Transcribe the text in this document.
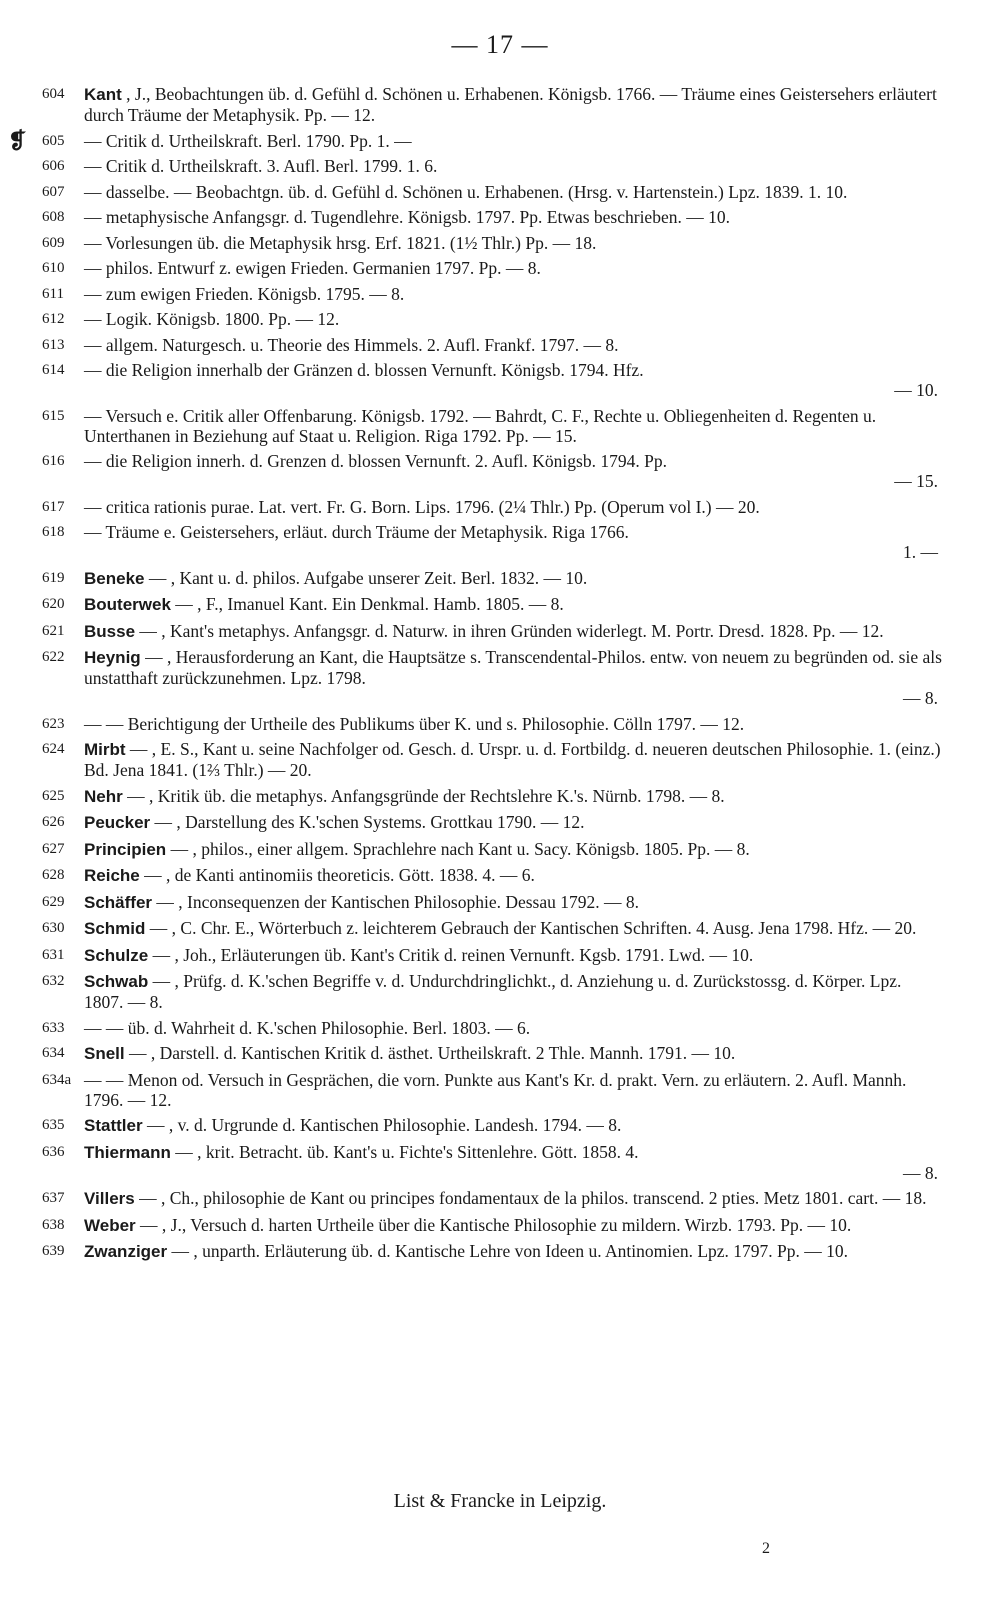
— 17 —
❡
604	Kant , J., Beobachtungen üb. d. Gefühl d. Schönen u. Erhabenen. Königsb. 1766. — Träume eines Geistersehers erläutert durch Träume der Metaphysik. Pp. — 12.
605	— Critik d. Urtheilskraft. Berl. 1790. Pp. 1. —
606	— Critik d. Urtheilskraft. 3. Aufl. Berl. 1799. 1. 6.
607	— dasselbe. — Beobachtgn. üb. d. Gefühl d. Schönen u. Erhabenen. (Hrsg. v. Hartenstein.) Lpz. 1839. 1. 10.
608	— metaphysische Anfangsgr. d. Tugendlehre. Königsb. 1797. Pp. Etwas beschrieben. — 10.
609	— Vorlesungen üb. die Metaphysik hrsg. Erf. 1821. (1½ Thlr.) Pp. — 18.
610	— philos. Entwurf z. ewigen Frieden. Germanien 1797. Pp. — 8.
611	— zum ewigen Frieden. Königsb. 1795. — 8.
612	— Logik. Königsb. 1800. Pp. — 12.
613	— allgem. Naturgesch. u. Theorie des Himmels. 2. Aufl. Frankf. 1797. — 8.
614	— die Religion innerhalb der Gränzen d. blossen Vernunft. Königsb. 1794. Hfz.
— 10.
615	— Versuch e. Critik aller Offenbarung. Königsb. 1792. — Bahrdt, C. F., Rechte u. Obliegenheiten d. Regenten u. Unterthanen in Beziehung auf Staat u. Religion. Riga 1792. Pp. — 15.
616	— die Religion innerh. d. Grenzen d. blossen Vernunft. 2. Aufl. Königsb. 1794. Pp.
— 15.
617	— critica rationis purae. Lat. vert. Fr. G. Born. Lips. 1796. (2¼ Thlr.) Pp. (Operum vol I.) — 20.
618	— Träume e. Geistersehers, erläut. durch Träume der Metaphysik. Riga 1766.
1. —
619	Beneke — , Kant u. d. philos. Aufgabe unserer Zeit. Berl. 1832. — 10.
620	Bouterwek — , F., Imanuel Kant. Ein Denkmal. Hamb. 1805. — 8.
621	Busse — , Kant's metaphys. Anfangsgr. d. Naturw. in ihren Gründen widerlegt. M. Portr. Dresd. 1828. Pp. — 12.
622	Heynig — , Herausforderung an Kant, die Hauptsätze s. Transcendental-Philos. entw. von neuem zu begründen od. sie als unstatthaft zurückzunehmen. Lpz. 1798.
— 8.
623	— — Berichtigung der Urtheile des Publikums über K. und s. Philosophie. Cölln 1797. — 12.
624	Mirbt — , E. S., Kant u. seine Nachfolger od. Gesch. d. Urspr. u. d. Fortbildg. d. neueren deutschen Philosophie. 1. (einz.) Bd. Jena 1841. (1⅔ Thlr.) — 20.
625	Nehr — , Kritik üb. die metaphys. Anfangsgründe der Rechtslehre K.'s. Nürnb. 1798. — 8.
626	Peucker — , Darstellung des K.'schen Systems. Grottkau 1790. — 12.
627	Principien — , philos., einer allgem. Sprachlehre nach Kant u. Sacy. Königsb. 1805. Pp. — 8.
628	Reiche — , de Kanti antinomiis theoreticis. Gött. 1838. 4. — 6.
629	Schäffer — , Inconsequenzen der Kantischen Philosophie. Dessau 1792. — 8.
630	Schmid — , C. Chr. E., Wörterbuch z. leichterem Gebrauch der Kantischen Schriften. 4. Ausg. Jena 1798. Hfz. — 20.
631	Schulze — , Joh., Erläuterungen üb. Kant's Critik d. reinen Vernunft. Kgsb. 1791. Lwd. — 10.
632	Schwab — , Prüfg. d. K.'schen Begriffe v. d. Undurchdringlichkt., d. Anziehung u. d. Zurückstossg. d. Körper. Lpz. 1807. — 8.
633	— — üb. d. Wahrheit d. K.'schen Philosophie. Berl. 1803. — 6.
634	Snell — , Darstell. d. Kantischen Kritik d. ästhet. Urtheilskraft. 2 Thle. Mannh. 1791. — 10.
634a — — Menon od. Versuch in Gesprächen, die vorn. Punkte aus Kant's Kr. d. prakt. Vern. zu erläutern. 2. Aufl. Mannh. 1796. — 12.
635	Stattler — , v. d. Urgrunde d. Kantischen Philosophie. Landesh. 1794. — 8.
636	Thiermann — , krit. Betracht. üb. Kant's u. Fichte's Sittenlehre. Gött. 1858. 4.
— 8.
637	Villers — , Ch., philosophie de Kant ou principes fondamentaux de la philos. transcend. 2 pties. Metz 1801. cart. — 18.
638	Weber — , J., Versuch d. harten Urtheile über die Kantische Philosophie zu mildern. Wirzb. 1793. Pp. — 10.
639	Zwanziger — , unparth. Erläuterung üb. d. Kantische Lehre von Ideen u. Antinomien. Lpz. 1797. Pp. — 10.
List & Francke in Leipzig.
2
